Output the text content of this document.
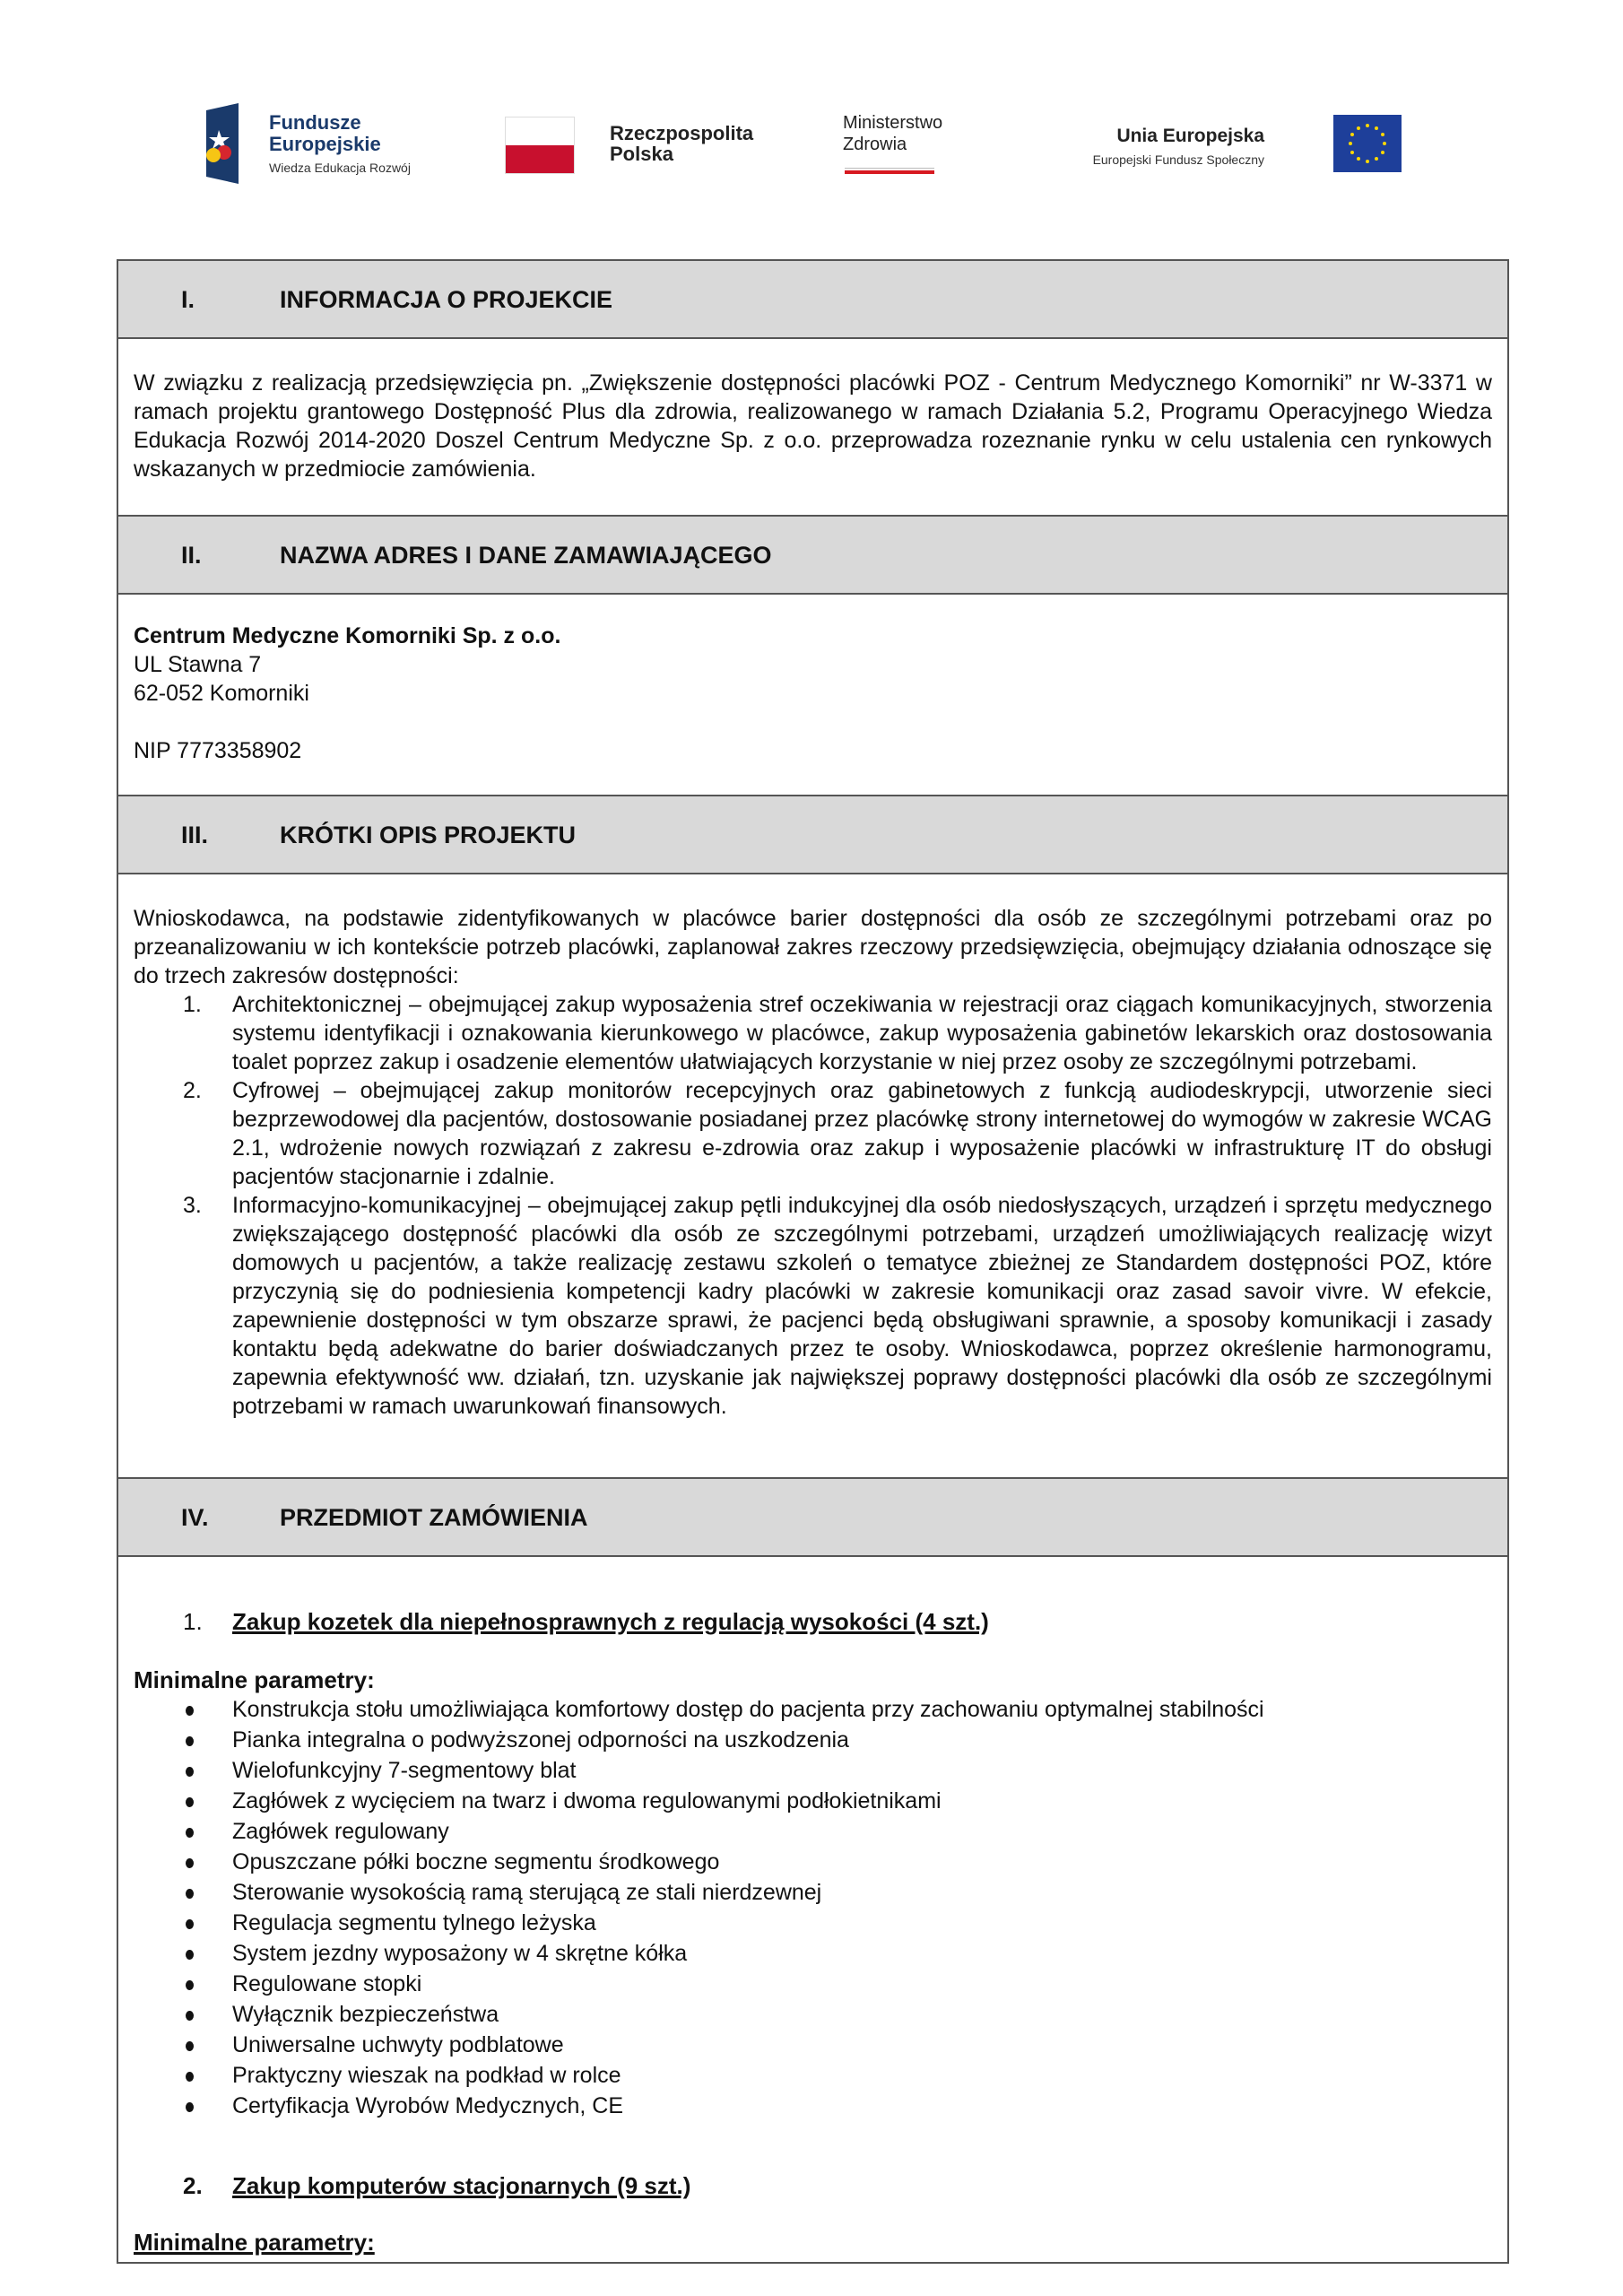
Fundusze
Europejskie
Wiedza Edukacja Rozwój
Rzeczpospolita
Polska
Ministerstwo
Zdrowia	Unia Europejska
Europejski Fundusz Społeczny
I.	INFORMACJA O PROJEKCIE
W związku z realizacją przedsięwzięcia pn. „Zwiększenie dostępności placówki POZ - Centrum Medycznego Komorniki” nr W-3371 w ramach projektu grantowego Dostępność Plus dla zdrowia, realizowanego w ramach Działania 5.2, Programu Operacyjnego Wiedza Edukacja Rozwój 2014-2020 Doszel Centrum Medyczne Sp. z o.o. przeprowadza rozeznanie rynku w celu ustalenia cen rynkowych wskazanych w przedmiocie zamówienia.
II.	NAZWA ADRES I DANE ZAMAWIAJĄCEGO
Centrum Medyczne Komorniki Sp. z o.o.
UL Stawna 7
62-052 Komorniki
NIP 7773358902
III.	KRÓTKI OPIS PROJEKTU
Wnioskodawca, na podstawie zidentyfikowanych w placówce barier dostępności dla osób ze szczególnymi potrzebami oraz po przeanalizowaniu w ich kontekście potrzeb placówki, zaplanował zakres rzeczowy przedsięwzięcia, obejmujący działania odnoszące się do trzech zakresów dostępności:
1. Architektonicznej – obejmującej zakup wyposażenia stref oczekiwania w rejestracji oraz ciągach komunikacyjnych, stworzenia systemu identyfikacji i oznakowania kierunkowego w placówce, zakup wyposażenia gabinetów lekarskich oraz dostosowania toalet poprzez zakup i osadzenie elementów ułatwiających korzystanie w niej przez osoby ze szczególnymi potrzebami.
2. Cyfrowej – obejmującej zakup monitorów recepcyjnych oraz gabinetowych z funkcją audiodeskrypcji, utworzenie sieci bezprzewodowej dla pacjentów, dostosowanie posiadanej przez placówkę strony internetowej do wymogów w zakresie WCAG 2.1, wdrożenie nowych rozwiązań z zakresu e-zdrowia oraz zakup i wyposażenie placówki w infrastrukturę IT do obsługi pacjentów stacjonarnie i zdalnie.
3. Informacyjno-komunikacyjnej – obejmującej zakup pętli indukcyjnej dla osób niedosłyszących, urządzeń i sprzętu medycznego zwiększającego dostępność placówki dla osób ze szczególnymi potrzebami, urządzeń umożliwiających realizację wizyt domowych u pacjentów, a także realizację zestawu szkoleń o tematyce zbieżnej ze Standardem dostępności POZ, które przyczynią się do podniesienia kompetencji kadry placówki w zakresie komunikacji oraz zasad savoir vivre. W efekcie, zapewnienie dostępności w tym obszarze sprawi, że pacjenci będą obsługiwani sprawnie, a sposoby komunikacji i zasady kontaktu będą adekwatne do barier doświadczanych przez te osoby. Wnioskodawca, poprzez określenie harmonogramu, zapewnia efektywność ww. działań, tzn. uzyskanie jak największej poprawy dostępności placówki dla osób ze szczególnymi potrzebami w ramach uwarunkowań finansowych.
IV.	PRZEDMIOT ZAMÓWIENIA
1. Zakup kozetek dla niepełnosprawnych z regulacją wysokości (4 szt.)
Minimalne parametry:
Konstrukcja stołu umożliwiająca komfortowy dostęp do pacjenta przy zachowaniu optymalnej stabilności
Pianka integralna o podwyższonej odporności na uszkodzenia
Wielofunkcyjny 7-segmentowy blat
Zagłówek z wycięciem na twarz i dwoma regulowanymi podłokietnikami
Zagłówek regulowany
Opuszczane półki boczne segmentu środkowego
Sterowanie wysokością ramą sterującą ze stali nierdzewnej
Regulacja segmentu tylnego leżyska
System jezdny wyposażony w 4 skrętne kółka
Regulowane stopki
Wyłącznik bezpieczeństwa
Uniwersalne uchwyty podblatowe
Praktyczny wieszak na podkład w rolce
Certyfikacja Wyrobów Medycznych, CE
2. Zakup komputerów stacjonarnych (9 szt.)
Minimalne parametry:
